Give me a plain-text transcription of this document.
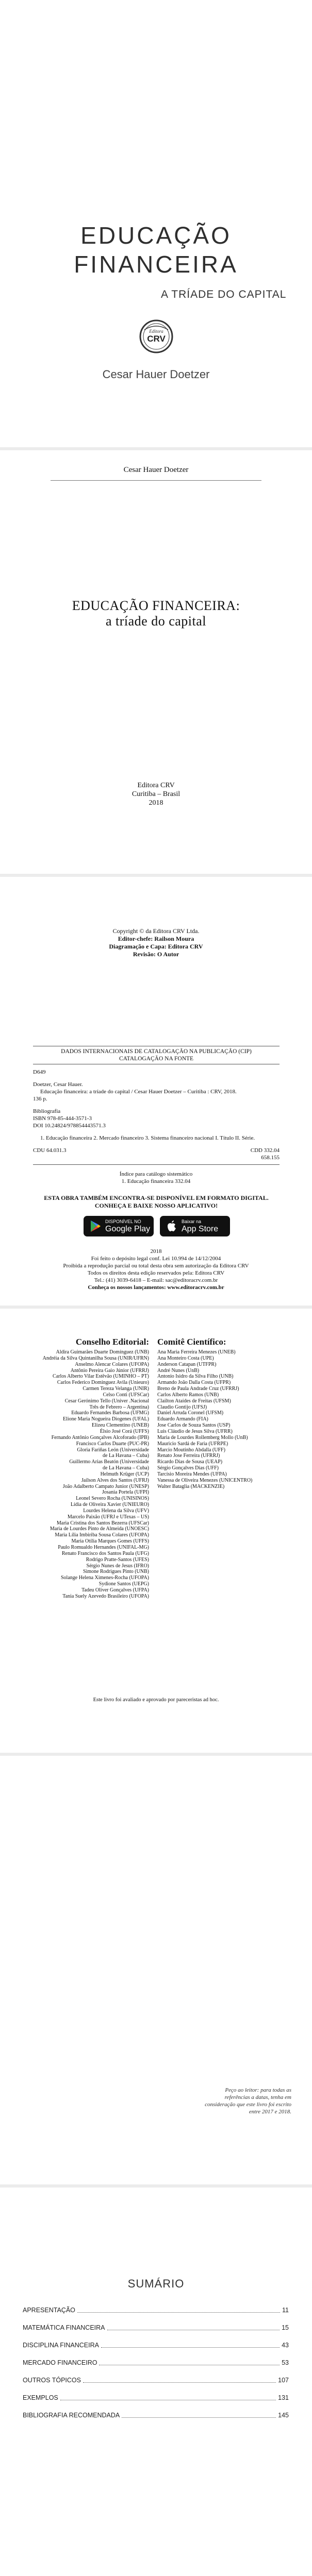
EDUCAÇÃO
FINANCEIRA
A TRÍADE DO CAPITAL
Editora
CRV
Cesar Hauer Doetzer
Cesar Hauer Doetzer
EDUCAÇÃO FINANCEIRA:
a tríade do capital
Editora CRV
Curitiba – Brasil
2018
Copyright © da Editora CRV Ltda.
Editor-chefe: Railson Moura
Diagramação e Capa: Editora CRV
Revisão: O Autor
DADOS INTERNACIONAIS DE CATALOGAÇÃO NA PUBLICAÇÃO (CIP)
CATALOGAÇÃO NA FONTE
D649
Doetzer, Cesar Hauer.
Educação financeira: a tríade do capital / Cesar Hauer Doetzer – Curitiba : CRV, 2018.
136 p.
Bibliografia
ISBN 978-85-444-3571-3
DOI 10.24824/978854443571.3
1. Educação financeira 2. Mercado financeiro 3. Sistema financeiro nacional I. Título II. Série.
CDU 64.031.3	CDD 332.04
658.155
Índice para catálogo sistemático
1. Educação financeira 332.04
ESTA OBRA TAMBÉM ENCONTRA-SE DISPONÍVEL EM FORMATO DIGITAL.
CONHEÇA E BAIXE NOSSO APLICATIVO!
DISPONÍVEL NO
Google Play
Baixar na
App Store
2018
Foi feito o depósito legal conf. Lei 10.994 de 14/12/2004
Proibida a reprodução parcial ou total desta obra sem autorização da Editora CRV
Todos os direitos desta edição reservados pela: Editora CRV
Tel.: (41) 3039-6418 – E-mail: sac@editoracrv.com.br
Conheça os nossos lançamentos: www.editoracrv.com.br
Conselho Editorial:
Aldira Guimarães Duarte Domínguez (UNB)
Andréia da Silva Quintanilha Sousa (UNIR/UFRN)
Anselmo Alencar Colares (UFOPA)
Antônio Pereira Gaio Júnior (UFRRJ)
Carlos Alberto Vilar Estêvão (UMINHO – PT)
Carlos Federico Dominguez Avila (Unieuro)
Carmen Tereza Velanga (UNIR)
Celso Conti (UFSCar)
Cesar Gerónimo Tello (Univer .Nacional
Três de Febrero – Argentina)
Eduardo Fernandes Barbosa (UFMG)
Elione Maria Nogueira Diogenes (UFAL)
Elizeu Clementino (UNEB)
Élsio José Corá (UFFS)
Fernando Antônio Gonçalves Alcoforado (IPB)
Francisco Carlos Duarte (PUC-PR)
Gloria Fariñas León (Universidade
de La Havana – Cuba)
Guillermo Arias Beatón (Universidade
de La Havana – Cuba)
Helmuth Krüger (UCP)
Jailson Alves dos Santos (UFRJ)
João Adalberto Campato Junior (UNESP)
Josania Portela (UFPI)
Leonel Severo Rocha (UNISINOS)
Lídia de Oliveira Xavier (UNIEURO)
Lourdes Helena da Silva (UFV)
Marcelo Paixão (UFRJ e UTexas – US)
Maria Cristina dos Santos Bezerra (UFSCar)
Maria de Lourdes Pinto de Almeida (UNOESC)
Maria Lília Imbiriba Sousa Colares (UFOPA)
Maria Otília Marques Gomes (UFFS)
Paulo Romualdo Hernandes (UNIFAL-MG)
Renato Francisco dos Santos Paula (UFG)
Rodrigo Pratte-Santos (UFES)
Sérgio Nunes de Jesus (IFRO)
Simone Rodrigues Pinto (UNB)
Solange Helena Ximenes-Rocha (UFOPA)
Sydione Santos (UEPG)
Tadeu Oliver Gonçalves (UFPA)
Tania Suely Azevedo Brasileiro (UFOPA)
Comitê Científico:
Ana Maria Ferreira Menezes (UNEB)
Ana Monteiro Costa (UPE)
Anderson Catapan (UTFPR)
André Nunes (UnB)
Antonio Isidro da Silva Filho (UNB)
Armando João Dalla Costa (UFPR)
Breno de Paula Andrade Cruz (UFRRJ)
Carlos Alberto Ramos (UNB)
Clailton Ataídes de Freitas (UFSM)
Claudio Gontijo (UFSJ)
Daniel Arruda Coronel (UFSM)
Eduardo Armando (FIA)
Jose Carlos de Souza Santos (USP)
Luis Cláudio de Jesus Silva (UFRR)
Maria de Lourdes Rollemberg Mollo (UnB)
Mauricio Sardá de Faria (UFRPE)
Marcio Moutinho Abdalla (UFF)
Renato Jose Ferreira (UFRRJ)
Ricardo Dias de Sousa (UEAP)
Sérgio Gonçalves Dias (UFF)
Tarcísio Moreira Mendes (UFPA)
Vanessa de Oliveira Menezes (UNICENTRO)
Walter Bataglia (MACKENZIE)
Este livro foi avaliado e aprovado por pareceristas ad hoc.
Peço ao leitor: para todas as referências a datas, tenha em consideração que este livro foi escrito entre 2017 e 2018.
SUMÁRIO
APRESENTAÇÃO	11
MATEMÁTICA FINANCEIRA	15
DISCIPLINA FINANCEIRA	43
MERCADO FINANCEIRO	53
OUTROS TÓPICOS	107
EXEMPLOS	131
BIBLIOGRAFIA RECOMENDADA	145
